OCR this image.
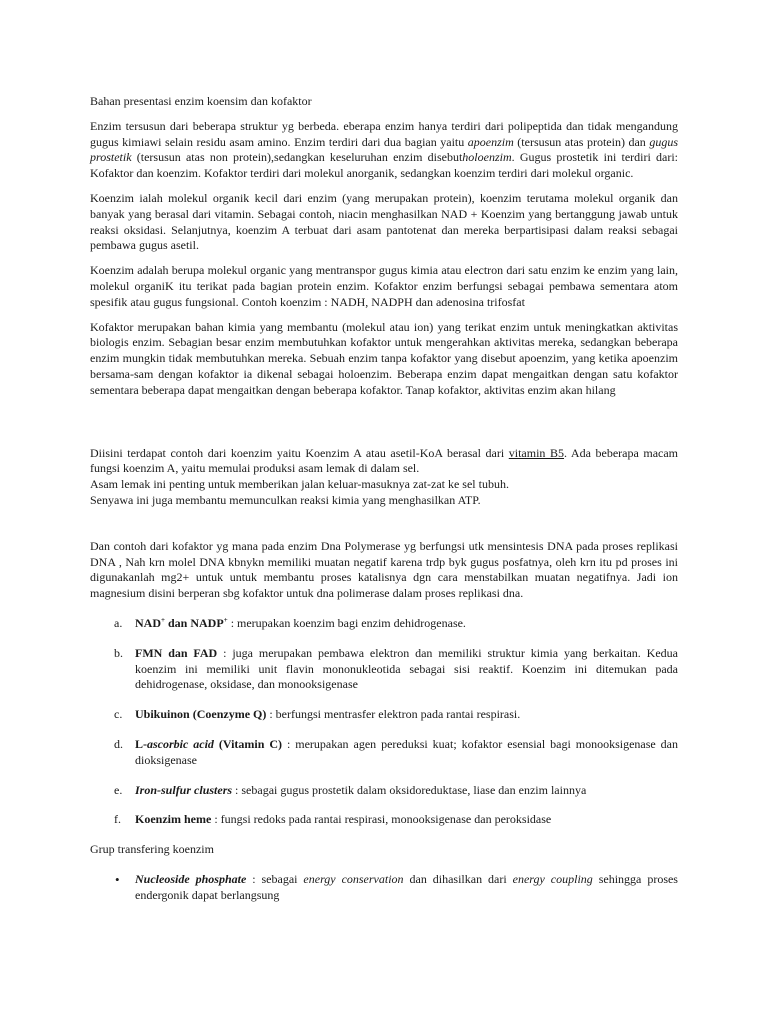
Bahan presentasi enzim koensim dan kofaktor

Enzim tersusun dari beberapa struktur yg berbeda. eberapa enzim hanya terdiri dari polipeptida dan tidak mengandung gugus kimiawi selain residu asam amino. Enzim terdiri dari dua bagian yaitu apoenzim (tersusun atas protein) dan gugus prostetik (tersusun atas non protein),sedangkan keseluruhan enzim disebutholoenzim. Gugus prostetik ini terdiri dari: Kofaktor dan koenzim. Kofaktor terdiri dari molekul anorganik, sedangkan koenzim terdiri dari molekul organic.

Koenzim ialah molekul organik kecil dari enzim (yang merupakan protein), koenzim terutama molekul organik dan banyak yang berasal dari vitamin. Sebagai contoh, niacin menghasilkan NAD + Koenzim yang bertanggung jawab untuk reaksi oksidasi. Selanjutnya, koenzim A terbuat dari asam pantotenat dan mereka berpartisipasi dalam reaksi sebagai pembawa gugus asetil.

Koenzim adalah berupa molekul organic yang mentranspor gugus kimia atau electron dari satu enzim ke enzim yang lain, molekul organiK itu terikat pada bagian protein enzim. Kofaktor enzim berfungsi sebagai pembawa sementara atom spesifik atau gugus fungsional. Contoh koenzim : NADH, NADPH dan adenosina trifosfat

Kofaktor merupakan bahan kimia yang membantu (molekul atau ion) yang terikat enzim untuk meningkatkan aktivitas biologis enzim. Sebagian besar enzim membutuhkan kofaktor untuk mengerahkan aktivitas mereka, sedangkan beberapa enzim mungkin tidak membutuhkan mereka. Sebuah enzim tanpa kofaktor yang disebut apoenzim, yang ketika apoenzim bersama-sam dengan kofaktor ia dikenal sebagai holoenzim. Beberapa enzim dapat mengaitkan dengan satu kofaktor sementara beberapa dapat mengaitkan dengan beberapa kofaktor. Tanap kofaktor, aktivitas enzim akan hilang

Diisini terdapat contoh dari koenzim yaitu Koenzim A atau asetil-KoA berasal dari vitamin B5. Ada beberapa macam fungsi koenzim A, yaitu memulai produksi asam lemak di dalam sel.

Asam lemak ini penting untuk memberikan jalan keluar-masuknya zat-zat ke sel tubuh.

Senyawa ini juga membantu memunculkan reaksi kimia yang menghasilkan ATP.

Dan contoh dari kofaktor yg mana pada enzim Dna Polymerase yg berfungsi utk mensintesis DNA pada proses replikasi DNA , Nah krn molel DNA kbnykn memiliki muatan negatif karena trdp byk gugus posfatnya, oleh krn itu pd proses ini digunakanlah mg2+ untuk untuk membantu proses katalisnya dgn cara menstabilkan muatan negatifnya. Jadi ion magnesium disini berperan sbg kofaktor untuk dna polimerase dalam proses replikasi dna.

a. NAD+ dan NADP+ : merupakan koenzim bagi enzim dehidrogenase.
b. FMN dan FAD : juga merupakan pembawa elektron dan memiliki struktur kimia yang berkaitan. Kedua koenzim ini memiliki unit flavin mononukleotida sebagai sisi reaktif. Koenzim ini ditemukan pada dehidrogenase, oksidase, dan monooksigenase
c. Ubikuinon (Coenzyme Q) : berfungsi mentrasfer elektron pada rantai respirasi.
d. L-ascorbic acid (Vitamin C) : merupakan agen pereduksi kuat; kofaktor esensial bagi monooksigenase dan dioksigenase
e. Iron-sulfur clusters : sebagai gugus prostetik dalam oksidoreduktase, liase dan enzim lainnya
f. Koenzim heme : fungsi redoks pada rantai respirasi, monooksigenase dan peroksidase

Grup transfering koenzim

• Nucleoside phosphate : sebagai energy conservation dan dihasilkan dari energy coupling sehingga proses endergonik dapat berlangsung
